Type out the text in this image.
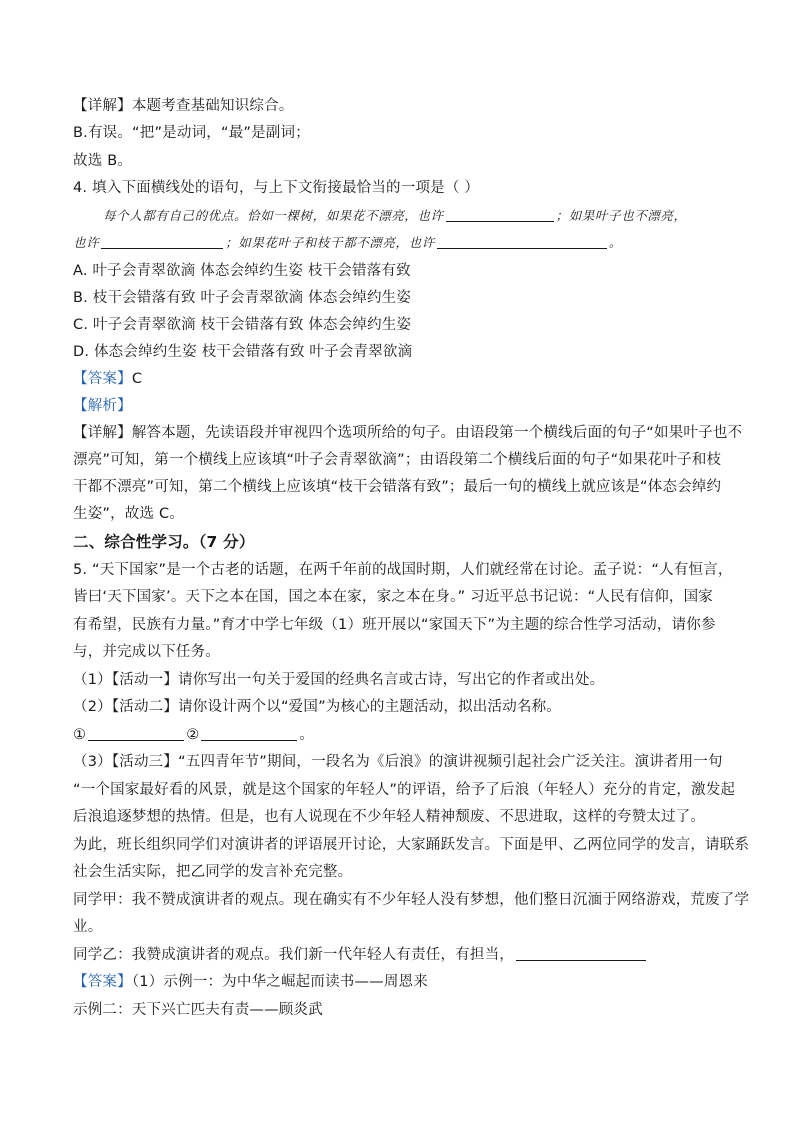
【详解】本题考查基础知识综合。
B.有误。“把”是动词，“最”是副词；
故选 B。
4. 填入下面横线处的语句，与上下文衔接最恰当的一项是（ ）
每个人都有自己的优点。恰如一棵树，如果花不漂亮，也许	；如果叶子也不漂亮，
也许	；如果花叶子和枝干都不漂亮，也许	。
A. 叶子会青翠欲滴 体态会绰约生姿 枝干会错落有致
B. 枝干会错落有致 叶子会青翠欲滴 体态会绰约生姿
C. 叶子会青翠欲滴 枝干会错落有致 体态会绰约生姿
D. 体态会绰约生姿 枝干会错落有致 叶子会青翠欲滴
【答案】C
【解析】
【详解】解答本题，先读语段并审视四个选项所给的句子。由语段第一个横线后面的句子“如果叶子也不
漂亮”可知，第一个横线上应该填“叶子会青翠欲滴”；由语段第二个横线后面的句子“如果花叶子和枝
干都不漂亮”可知，第二个横线上应该填“枝干会错落有致”；最后一句的横线上就应该是“体态会绰约
生姿”，故选 C。
二、综合性学习。（7 分）
5. “天下国家”是一个古老的话题，在两千年前的战国时期，人们就经常在讨论。孟子说：“人有恒言，
皆曰‘天下国家’。天下之本在国，国之本在家，家之本在身。” 习近平总书记说：“人民有信仰，国家
有希望，民族有力量。”育才中学七年级（1）班开展以“家国天下”为主题的综合性学习活动，请你参
与，并完成以下任务。
（1）【活动一】请你写出一句关于爱国的经典名言或古诗，写出它的作者或出处。
（2）【活动二】请你设计两个以“爱国”为核心的主题活动，拟出活动名称。
①	②	。
（3）【活动三】“五四青年节”期间，一段名为《后浪》的演讲视频引起社会广泛关注。演讲者用一句
“一个国家最好看的风景，就是这个国家的年轻人”的评语，给予了后浪（年轻人）充分的肯定，激发起
后浪追逐梦想的热情。但是，也有人说现在不少年轻人精神颓废、不思进取，这样的夸赞太过了。
为此，班长组织同学们对演讲者的评语展开讨论，大家踊跃发言。下面是甲、乙两位同学的发言，请联系
社会生活实际，把乙同学的发言补充完整。
同学甲：我不赞成演讲者的观点。现在确实有不少年轻人没有梦想，他们整日沉湎于网络游戏，荒废了学
业。
同学乙：我赞成演讲者的观点。我们新一代年轻人有责任，有担当，
【答案】（1）示例一：为中华之崛起而读书——周恩来
示例二：天下兴亡匹夫有责——顾炎武
